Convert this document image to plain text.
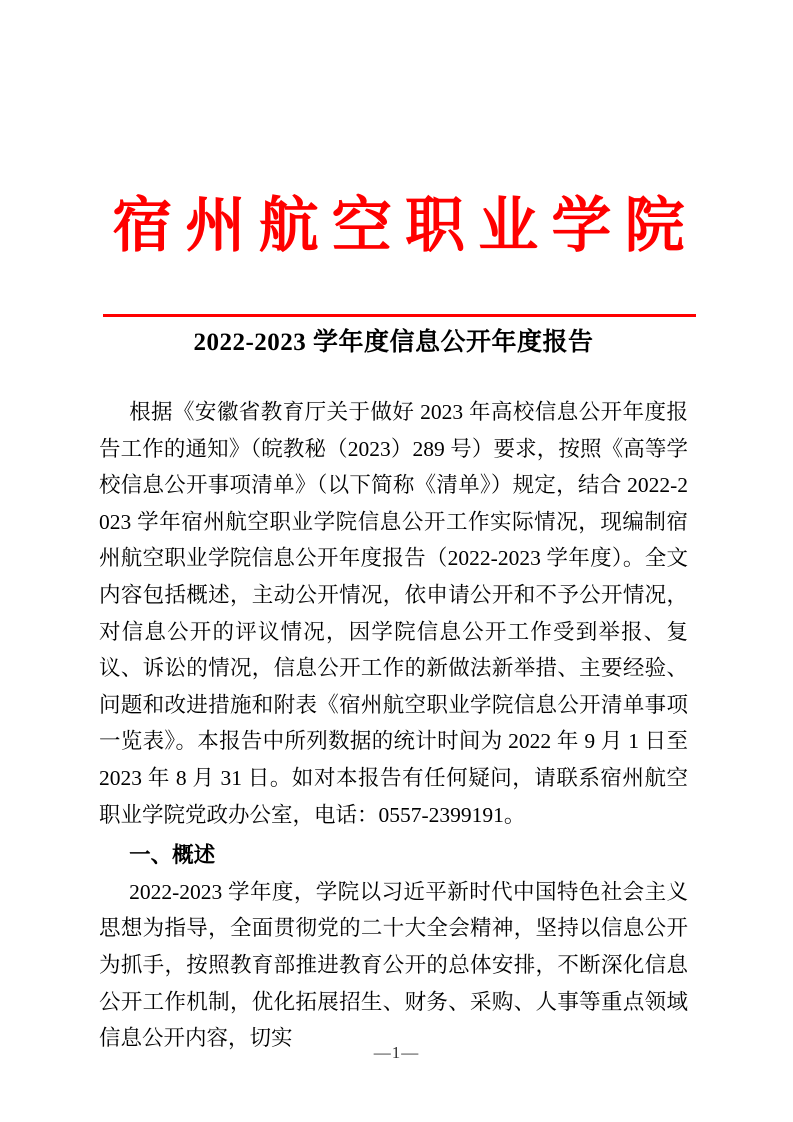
宿州航空职业学院
2022-2023 学年度信息公开年度报告

根据《安徽省教育厅关于做好 2023 年高校信息公开年度报告工作的通知》（皖教秘（2023）289 号）要求，按照《高等学校信息公开事项清单》（以下简称《清单》）规定，结合 2022-2023 学年宿州航空职业学院信息公开工作实际情况，现编制宿州航空职业学院信息公开年度报告（2022-2023 学年度）。全文内容包括概述，主动公开情况，依申请公开和不予公开情况，对信息公开的评议情况，因学院信息公开工作受到举报、复议、诉讼的情况，信息公开工作的新做法新举措、主要经验、问题和改进措施和附表《宿州航空职业学院信息公开清单事项一览表》。本报告中所列数据的统计时间为 2022 年 9 月 1 日至 2023 年 8 月 31 日。如对本报告有任何疑问，请联系宿州航空职业学院党政办公室，电话：0557-2399191。

一、概述

2022-2023 学年度，学院以习近平新时代中国特色社会主义思想为指导，全面贯彻党的二十大全会精神，坚持以信息公开为抓手，按照教育部推进教育公开的总体安排，不断深化信息公开工作机制，优化拓展招生、财务、采购、人事等重点领域信息公开内容，切实

—1—
